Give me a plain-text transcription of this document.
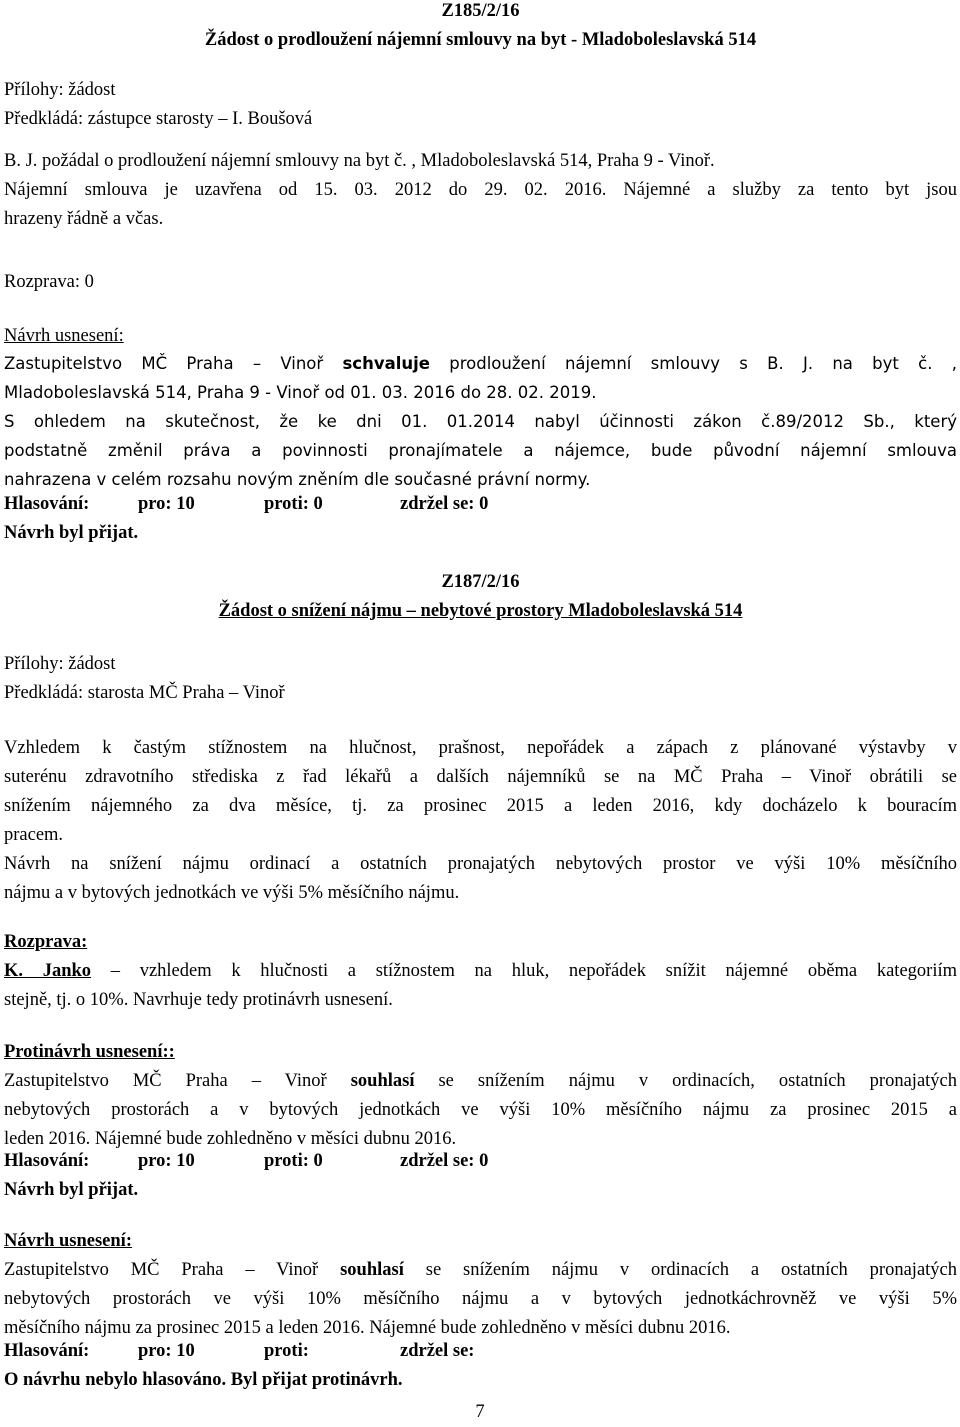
Z185/2/16
Žádost o prodloužení nájemní smlouvy na byt - Mladoboleslavská 514
Přílohy: žádost
Předkládá: zástupce starosty – I. Boušová
B. J. požádal o prodloužení nájemní smlouvy na byt č. , Mladoboleslavská 514, Praha 9 - Vinoř.
Nájemní smlouva je uzavřena od 15. 03. 2012 do 29. 02. 2016. Nájemné a služby za tento byt jsou
hrazeny řádně a včas.
Rozprava: 0
Návrh usnesení:
Zastupitelstvo MČ Praha – Vinoř schvaluje prodloužení nájemní smlouvy s B. J. na byt č. ,
Mladoboleslavská 514, Praha 9 - Vinoř od 01. 03. 2016 do 28. 02. 2019.
S ohledem na skutečnost, že ke dni 01. 01.2014 nabyl účinnosti zákon č.89/2012 Sb., který
podstatně změnil práva a povinnosti pronajímatele a nájemce, bude původní nájemní smlouva
nahrazena v celém rozsahu novým zněním dle současné právní normy.
Hlasování:	pro: 10	proti: 0	zdržel se: 0
Návrh byl přijat.
Z187/2/16
Žádost o snížení nájmu – nebytové prostory Mladoboleslavská 514
Přílohy: žádost
Předkládá: starosta MČ Praha – Vinoř
Vzhledem k častým stížnostem na hlučnost, prašnost, nepořádek a zápach z plánované výstavby v
suterénu zdravotního střediska z řad lékařů a dalších nájemníků se na MČ Praha – Vinoř obrátili se
snížením nájemného za dva měsíce, tj. za prosinec 2015 a leden 2016, kdy docházelo k bouracím
pracem.
Návrh na snížení nájmu ordinací a ostatních pronajatých nebytových prostor ve výši 10% měsíčního
nájmu a v bytových jednotkách ve výši 5% měsíčního nájmu.
Rozprava:
K. Janko – vzhledem k hlučnosti a stížnostem na hluk, nepořádek snížit nájemné oběma kategoriím
stejně, tj. o 10%. Navrhuje tedy protinávrh usnesení.
Protinávrh usnesení::
Zastupitelstvo MČ Praha – Vinoř souhlasí se snížením nájmu v ordinacích, ostatních pronajatých
nebytových prostorách a v bytových jednotkách ve výši 10% měsíčního nájmu za prosinec 2015 a
leden 2016. Nájemné bude zohledněno v měsíci dubnu 2016.
Hlasování:	pro: 10	proti: 0	zdržel se: 0
Návrh byl přijat.
Návrh usnesení:
Zastupitelstvo MČ Praha – Vinoř souhlasí se snížením nájmu v ordinacích a ostatních pronajatých
nebytových prostorách ve výši 10% měsíčního nájmu a v bytových jednotkáchrovněž ve výši 5%
měsíčního nájmu za prosinec 2015 a leden 2016. Nájemné bude zohledněno v měsíci dubnu 2016.
Hlasování:	pro: 10	proti:	zdržel se:
O návrhu nebylo hlasováno. Byl přijat protinávrh.
7
